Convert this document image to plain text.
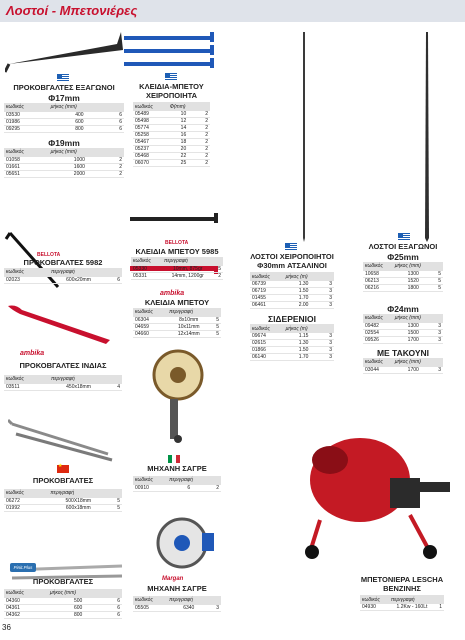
Λοστοί - Μπετονιέρες
ΠΡΟΚΟΒΓΑΛΤΕΣ ΕΞΑΓΩΝΟΙ
Φ17mm
κωδικός	μήκος (mm)	
03530	400	6
01986	600	6
09295	800	6
Φ19mm
κωδικός	μήκος (mm)	
01058	1000	2
01661	1600	2
05651	2000	2
ΚΛΕΙΔΙΑ-ΜΠΕΤΟΥ ΧΕΙΡΟΠΟΙΗΤΑ
κωδικός	Φ(mm)	
05489	10	2
05498	12	2
05774	14	2
05258	16	2
05467	18	2
05237	20	2
05468	22	2
06070	25	2
BELLOTA
ΠΡΟΚΟΒΓΑΛΤΕΣ 5982
κωδικός	περιγραφή	
02023	600x20mm	6
BELLOTA
ΚΛΕΙΔΙΑ ΜΠΕΤΟΥ 5985
κωδικός	περιγραφή	
05330	10mm, 875gr	5
05331	14mm, 1200gr	2
ambika
ΚΛΕΙΔΙΑ ΜΠΕΤΟΥ
κωδικός	περιγραφή	
06304	8x10mm	5
04659	10x11mm	5
04660	12x14mm	5
ΛΟΣΤΟΙ ΧΕΙΡΟΠΟΙΗΤΟΙ Φ30mm ΑΤΣΑΛΙΝΟΙ
κωδικός	μήκος (m)	
06739	1.30	3
06719	1.50	3
01455	1.70	3
06461	2.00	3
ΣΙΔΕΡΕΝΙΟΙ
κωδικός	μήκος (m)	
09674	1.15	3
02615	1.30	3
01866	1.50	3
06140	1.70	3
ΛΟΣΤΟΙ ΕΞΑΓΩΝΟΙ
Φ25mm
κωδικός	μήκος (mm)	
10658	1300	5
06213	1520	5
06216	1800	5
Φ24mm
κωδικός	μήκος (mm)	
09482	1300	3
02554	1500	3
09526	1700	3
ΜΕ ΤΑΚΟΥΝΙ
κωδικός	μήκος (mm)	
03044	1700	3
ambika
ΠΡΟΚΟΒΓΑΛΤΕΣ ΙΝΔΙΑΣ
κωδικός	περιγραφή	
03511	450x18mm	4
★
ΠΡΟΚΟΒΓΑΛΤΕΣ
κωδικός	περιγραφή	
06272	500X18mm	5
01992	600x18mm	5
ΜΗΧΑΝΗ ΣΑΓΡΕ
κωδικός	περιγραφή	
00910	6	2
Pinit.Plus
ΠΡΟΚΟΒΓΑΛΤΕΣ
κωδικός	μήκος (mm)	
04360	500	6
04361	600	6
04362	800	6
Margan
ΜΗΧΑΝΗ ΣΑΓΡΕ
κωδικός	περιγραφή	
05505	6340	3
ΜΠΕΤΟΝΙΕΡΑ LESCHA ΒΕΝΖΙΝΗΣ
κωδικός	περιγραφή	
04930	1.2Kw - 160Lt	1
36
